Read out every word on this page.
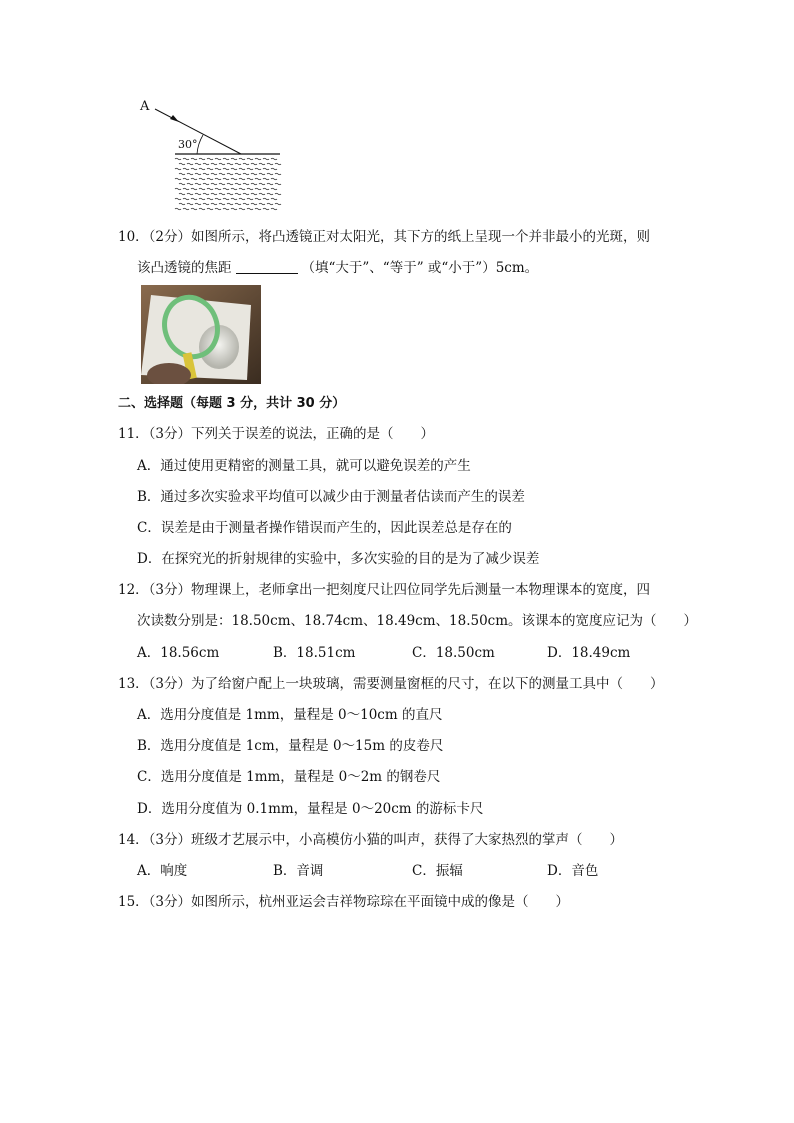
A
30°
10．（2分）如图所示，将凸透镜正对太阳光，其下方的纸上呈现一个并非最小的光斑，则
该凸透镜的焦距	（填“大于”、“等于” 或“小于”）5cm。
二、选择题（每题 3 分，共计 30 分）
11．（3分）下列关于误差的说法，正确的是（　　）
A．通过使用更精密的测量工具，就可以避免误差的产生
B．通过多次实验求平均值可以减少由于测量者估读而产生的误差
C．误差是由于测量者操作错误而产生的，因此误差总是存在的
D．在探究光的折射规律的实验中，多次实验的目的是为了减少误差
12．（3分）物理课上，老师拿出一把刻度尺让四位同学先后测量一本物理课本的宽度，四
次读数分别是：18.50cm、18.74cm、18.49cm、18.50cm。该课本的宽度应记为（　　）
A．18.56cm	B．18.51cm	C．18.50cm	D．18.49cm
13．（3分）为了给窗户配上一块玻璃，需要测量窗框的尺寸，在以下的测量工具中（　　）
A．选用分度值是 1mm，量程是 0～10cm 的直尺
B．选用分度值是 1cm，量程是 0～15m 的皮卷尺
C．选用分度值是 1mm，量程是 0～2m 的钢卷尺
D．选用分度值为 0.1mm，量程是 0～20cm 的游标卡尺
14．（3分）班级才艺展示中，小高模仿小猫的叫声，获得了大家热烈的掌声（　　）
A．响度	B．音调	C．振辐	D．音色
15．（3分）如图所示，杭州亚运会吉祥物琮琮在平面镜中成的像是（　　）
